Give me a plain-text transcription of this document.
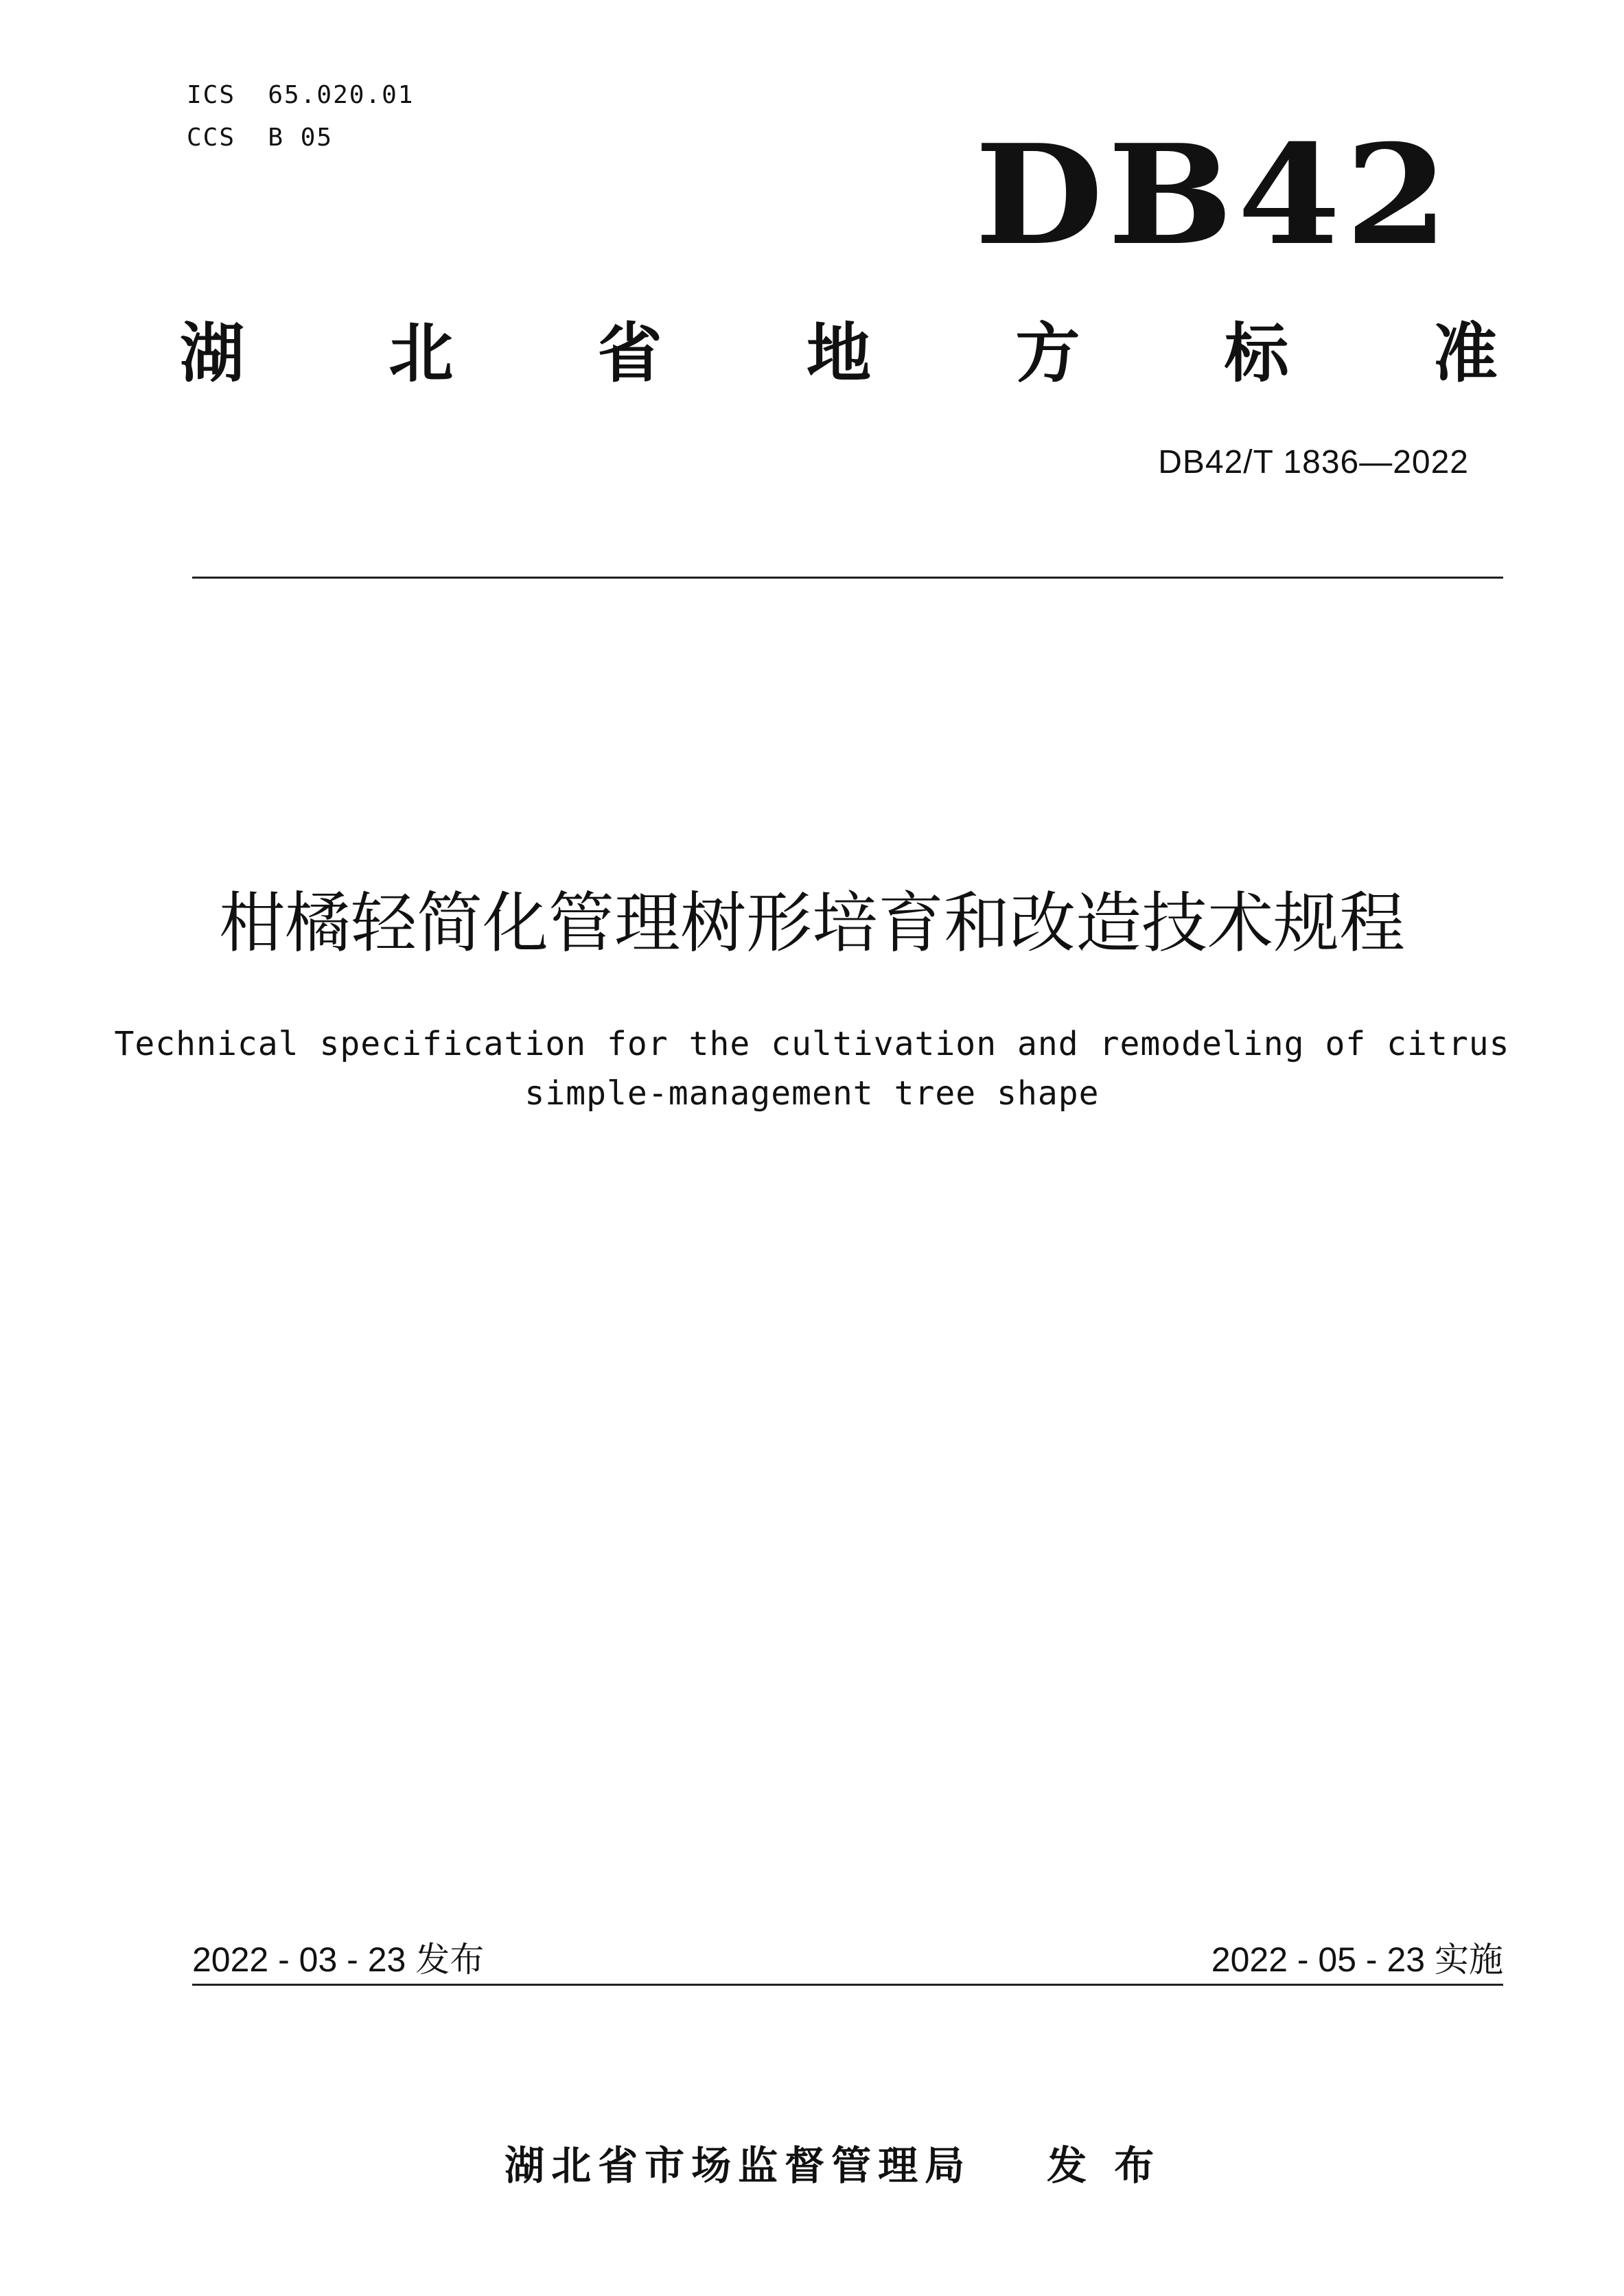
ICS  65.020.01
CCS  B 05	DB42
湖 北 省 地 方 标 准
DB42/T 1836—2022
柑橘轻简化管理树形培育和改造技术规程
Technical specification for the cultivation and remodeling of citrus
simple-management tree shape
2022 - 03 - 23 发布	2022 - 05 - 23 实施

湖北省市场监督管理局 发 布
